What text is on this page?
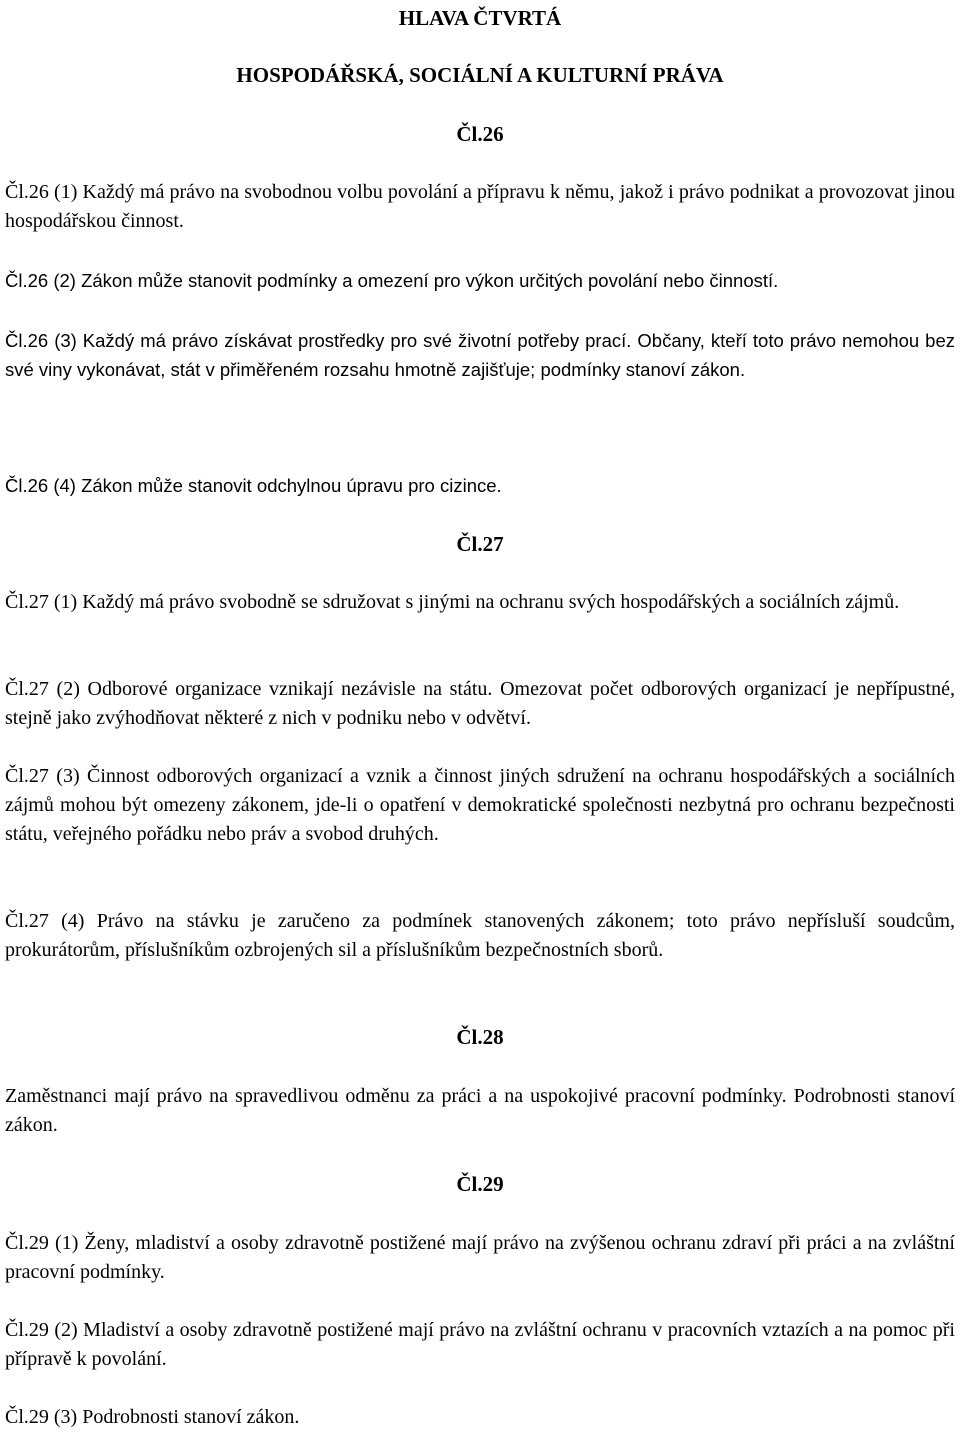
HLAVA ČTVRTÁ
HOSPODÁŘSKÁ, SOCIÁLNÍ A KULTURNÍ PRÁVA
Čl.26

Čl.26 (1) Každý má právo na svobodnou volbu povolání a přípravu k němu, jakož i právo podnikat a provozovat jinou hospodářskou činnost.

Čl.26 (2) Zákon může stanovit podmínky a omezení pro výkon určitých povolání nebo činností.

Čl.26 (3) Každý má právo získávat prostředky pro své životní potřeby prací. Občany, kteří toto právo nemohou bez své viny vykonávat, stát v přiměřeném rozsahu hmotně zajišťuje; podmínky stanoví zákon.

Čl.26 (4) Zákon může stanovit odchylnou úpravu pro cizince.

Čl.27

Čl.27 (1) Každý má právo svobodně se sdružovat s jinými na ochranu svých hospodářských a sociálních zájmů.

Čl.27 (2) Odborové organizace vznikají nezávisle na státu. Omezovat počet odborových organizací je nepřípustné, stejně jako zvýhodňovat některé z nich v podniku nebo v odvětví.

Čl.27 (3) Činnost odborových organizací a vznik a činnost jiných sdružení na ochranu hospodářských a sociálních zájmů mohou být omezeny zákonem, jde-li o opatření v demokratické společnosti nezbytná pro ochranu bezpečnosti státu, veřejného pořádku nebo práv a svobod druhých.

Čl.27 (4) Právo na stávku je zaručeno za podmínek stanovených zákonem; toto právo nepřísluší soudcům, prokurátorům, příslušníkům ozbrojených sil a příslušníkům bezpečnostních sborů.

Čl.28

Zaměstnanci mají právo na spravedlivou odměnu za práci a na uspokojivé pracovní podmínky. Podrobnosti stanoví zákon.

Čl.29

Čl.29 (1) Ženy, mladiství a osoby zdravotně postižené mají právo na zvýšenou ochranu zdraví při práci a na zvláštní pracovní podmínky.

Čl.29 (2) Mladiství a osoby zdravotně postižené mají právo na zvláštní ochranu v pracovních vztazích a na pomoc při přípravě k povolání.

Čl.29 (3) Podrobnosti stanoví zákon.
